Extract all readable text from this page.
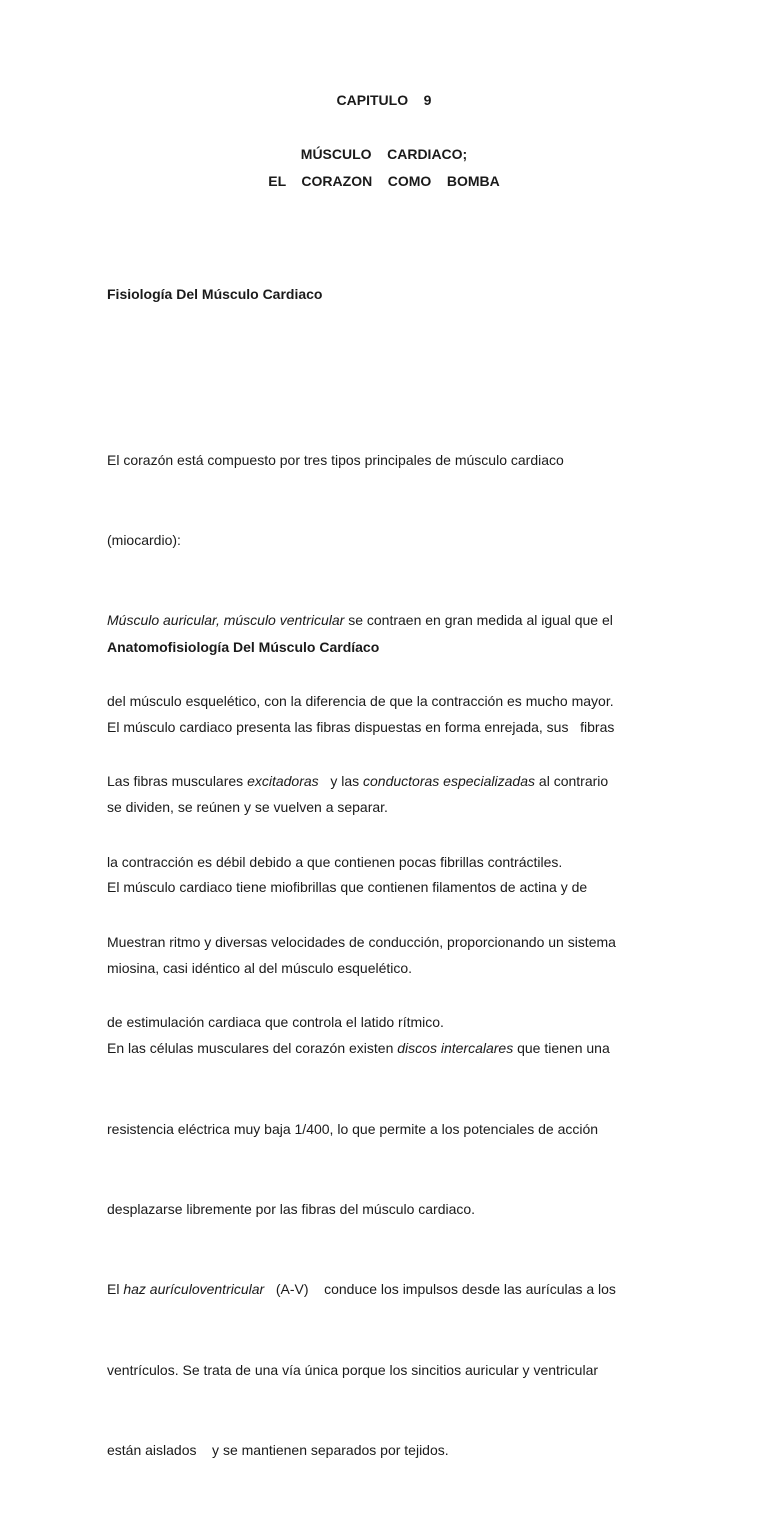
CAPITULO    9
MÚSCULO    CARDIACO;
EL    CORAZON    COMO    BOMBA
Fisiología Del Músculo Cardiaco

El corazón está compuesto por tres tipos principales de músculo cardiaco

(miocardio):

Músculo auricular, músculo ventricular se contraen en gran medida al igual que el

del músculo esquelético, con la diferencia de que la contracción es mucho mayor.

Las fibras musculares excitadoras   y las conductoras especializadas al contrario

la contracción es débil debido a que contienen pocas fibrillas contráctiles.

Muestran ritmo y diversas velocidades de conducción, proporcionando un sistema

de estimulación cardiaca que controla el latido rítmico.

Anatomofisiología Del Músculo Cardíaco

El músculo cardiaco presenta las fibras dispuestas en forma enrejada, sus   fibras

se dividen, se reúnen y se vuelven a separar.

El músculo cardiaco tiene miofibrillas que contienen filamentos de actina y de

miosina, casi idéntico al del músculo esquelético.

En las células musculares del corazón existen discos intercalares que tienen una

resistencia eléctrica muy baja 1/400, lo que permite a los potenciales de acción

desplazarse libremente por las fibras del músculo cardiaco.

El haz aurículoventricular   (A-V)    conduce los impulsos desde las aurículas a los

ventrículos. Se trata de una vía única porque los sincitios auricular y ventricular

están aislados    y se mantienen separados por tejidos.
